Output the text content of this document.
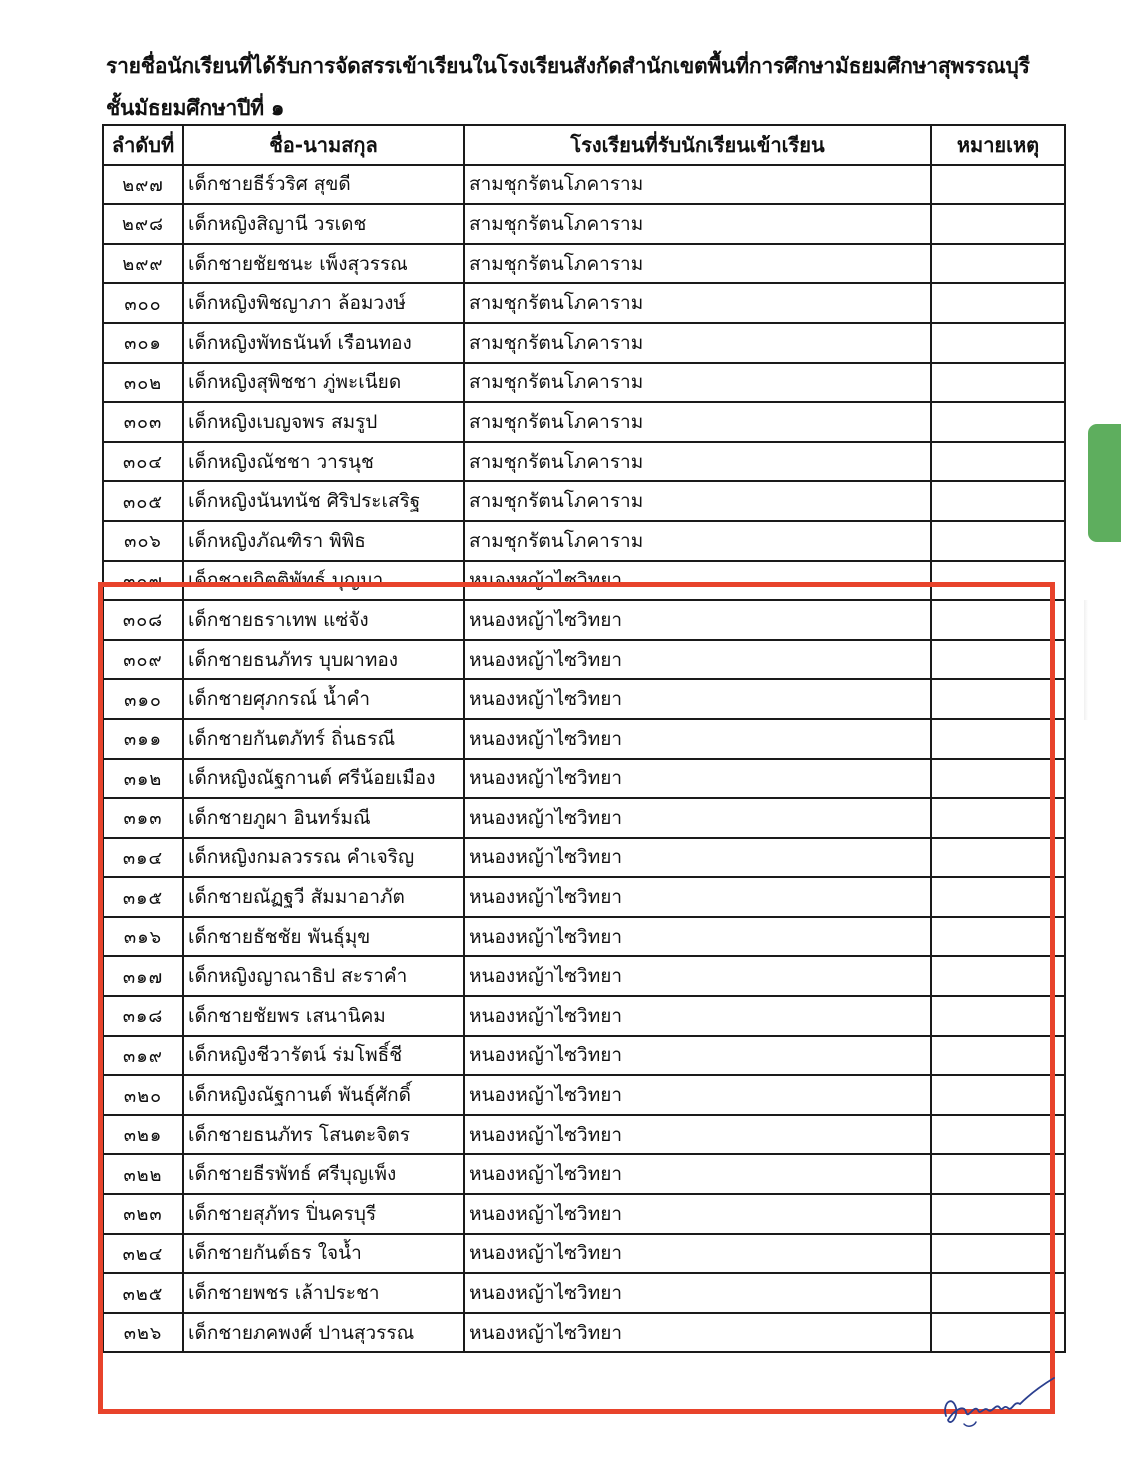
รายชื่อนักเรียนที่ได้รับการจัดสรรเข้าเรียนในโรงเรียนสังกัดสำนักเขตพื้นที่การศึกษามัธยมศึกษาสุพรรณบุรี
ชั้นมัธยมศึกษาปีที่ ๑
ลำดับที่	ชื่อ-นามสกุล	โรงเรียนที่รับนักเรียนเข้าเรียน	หมายเหตุ
๒๙๗	เด็กชายธีร์วริศ สุขดี	สามชุกรัตนโภคาราม	
๒๙๘	เด็กหญิงสิญานี วรเดช	สามชุกรัตนโภคาราม	
๒๙๙	เด็กชายชัยชนะ เพ็งสุวรรณ	สามชุกรัตนโภคาราม	
๓๐๐	เด็กหญิงพิชญาภา ล้อมวงษ์	สามชุกรัตนโภคาราม	
๓๐๑	เด็กหญิงพัทธนันท์ เรือนทอง	สามชุกรัตนโภคาราม	
๓๐๒	เด็กหญิงสุพิชชา ภู่พะเนียด	สามชุกรัตนโภคาราม	
๓๐๓	เด็กหญิงเบญจพร สมรูป	สามชุกรัตนโภคาราม	
๓๐๔	เด็กหญิงณัชชา วารนุช	สามชุกรัตนโภคาราม	
๓๐๕	เด็กหญิงนันทนัช ศิริประเสริฐ	สามชุกรัตนโภคาราม	
๓๐๖	เด็กหญิงภัณฑิรา พิพิธ	สามชุกรัตนโภคาราม	
๓๐๗	เด็กชายกิตติพัทธ์ บุญมา	หนองหญ้าไซวิทยา	
๓๐๘	เด็กชายธราเทพ แซ่จัง	หนองหญ้าไซวิทยา	
๓๐๙	เด็กชายธนภัทร บุบผาทอง	หนองหญ้าไซวิทยา	
๓๑๐	เด็กชายศุภกรณ์ น้ำคำ	หนองหญ้าไซวิทยา	
๓๑๑	เด็กชายกันตภัทร์ ถิ่นธรณี	หนองหญ้าไซวิทยา	
๓๑๒	เด็กหญิงณัฐกานต์ ศรีน้อยเมือง	หนองหญ้าไซวิทยา	
๓๑๓	เด็กชายภูผา อินทร์มณี	หนองหญ้าไซวิทยา	
๓๑๔	เด็กหญิงกมลวรรณ คำเจริญ	หนองหญ้าไซวิทยา	
๓๑๕	เด็กชายณัฏฐวี สัมมาอาภัต	หนองหญ้าไซวิทยา	
๓๑๖	เด็กชายธัชชัย พันธุ์มุข	หนองหญ้าไซวิทยา	
๓๑๗	เด็กหญิงญาณาธิป สะราคำ	หนองหญ้าไซวิทยา	
๓๑๘	เด็กชายชัยพร เสนานิคม	หนองหญ้าไซวิทยา	
๓๑๙	เด็กหญิงชีวารัตน์ ร่มโพธิ์ชี	หนองหญ้าไซวิทยา	
๓๒๐	เด็กหญิงณัฐกานต์ พันธุ์ศักดิ์	หนองหญ้าไซวิทยา	
๓๒๑	เด็กชายธนภัทร โสนตะจิตร	หนองหญ้าไซวิทยา	
๓๒๒	เด็กชายธีรพัทธ์ ศรีบุญเพ็ง	หนองหญ้าไซวิทยา	
๓๒๓	เด็กชายสุภัทร ปิ่นครบุรี	หนองหญ้าไซวิทยา	
๓๒๔	เด็กชายกันต์ธร ใจน้ำ	หนองหญ้าไซวิทยา	
๓๒๕	เด็กชายพชร เล้าประชา	หนองหญ้าไซวิทยา	
๓๒๖	เด็กชายภคพงศ์ ปานสุวรรณ	หนองหญ้าไซวิทยา	
